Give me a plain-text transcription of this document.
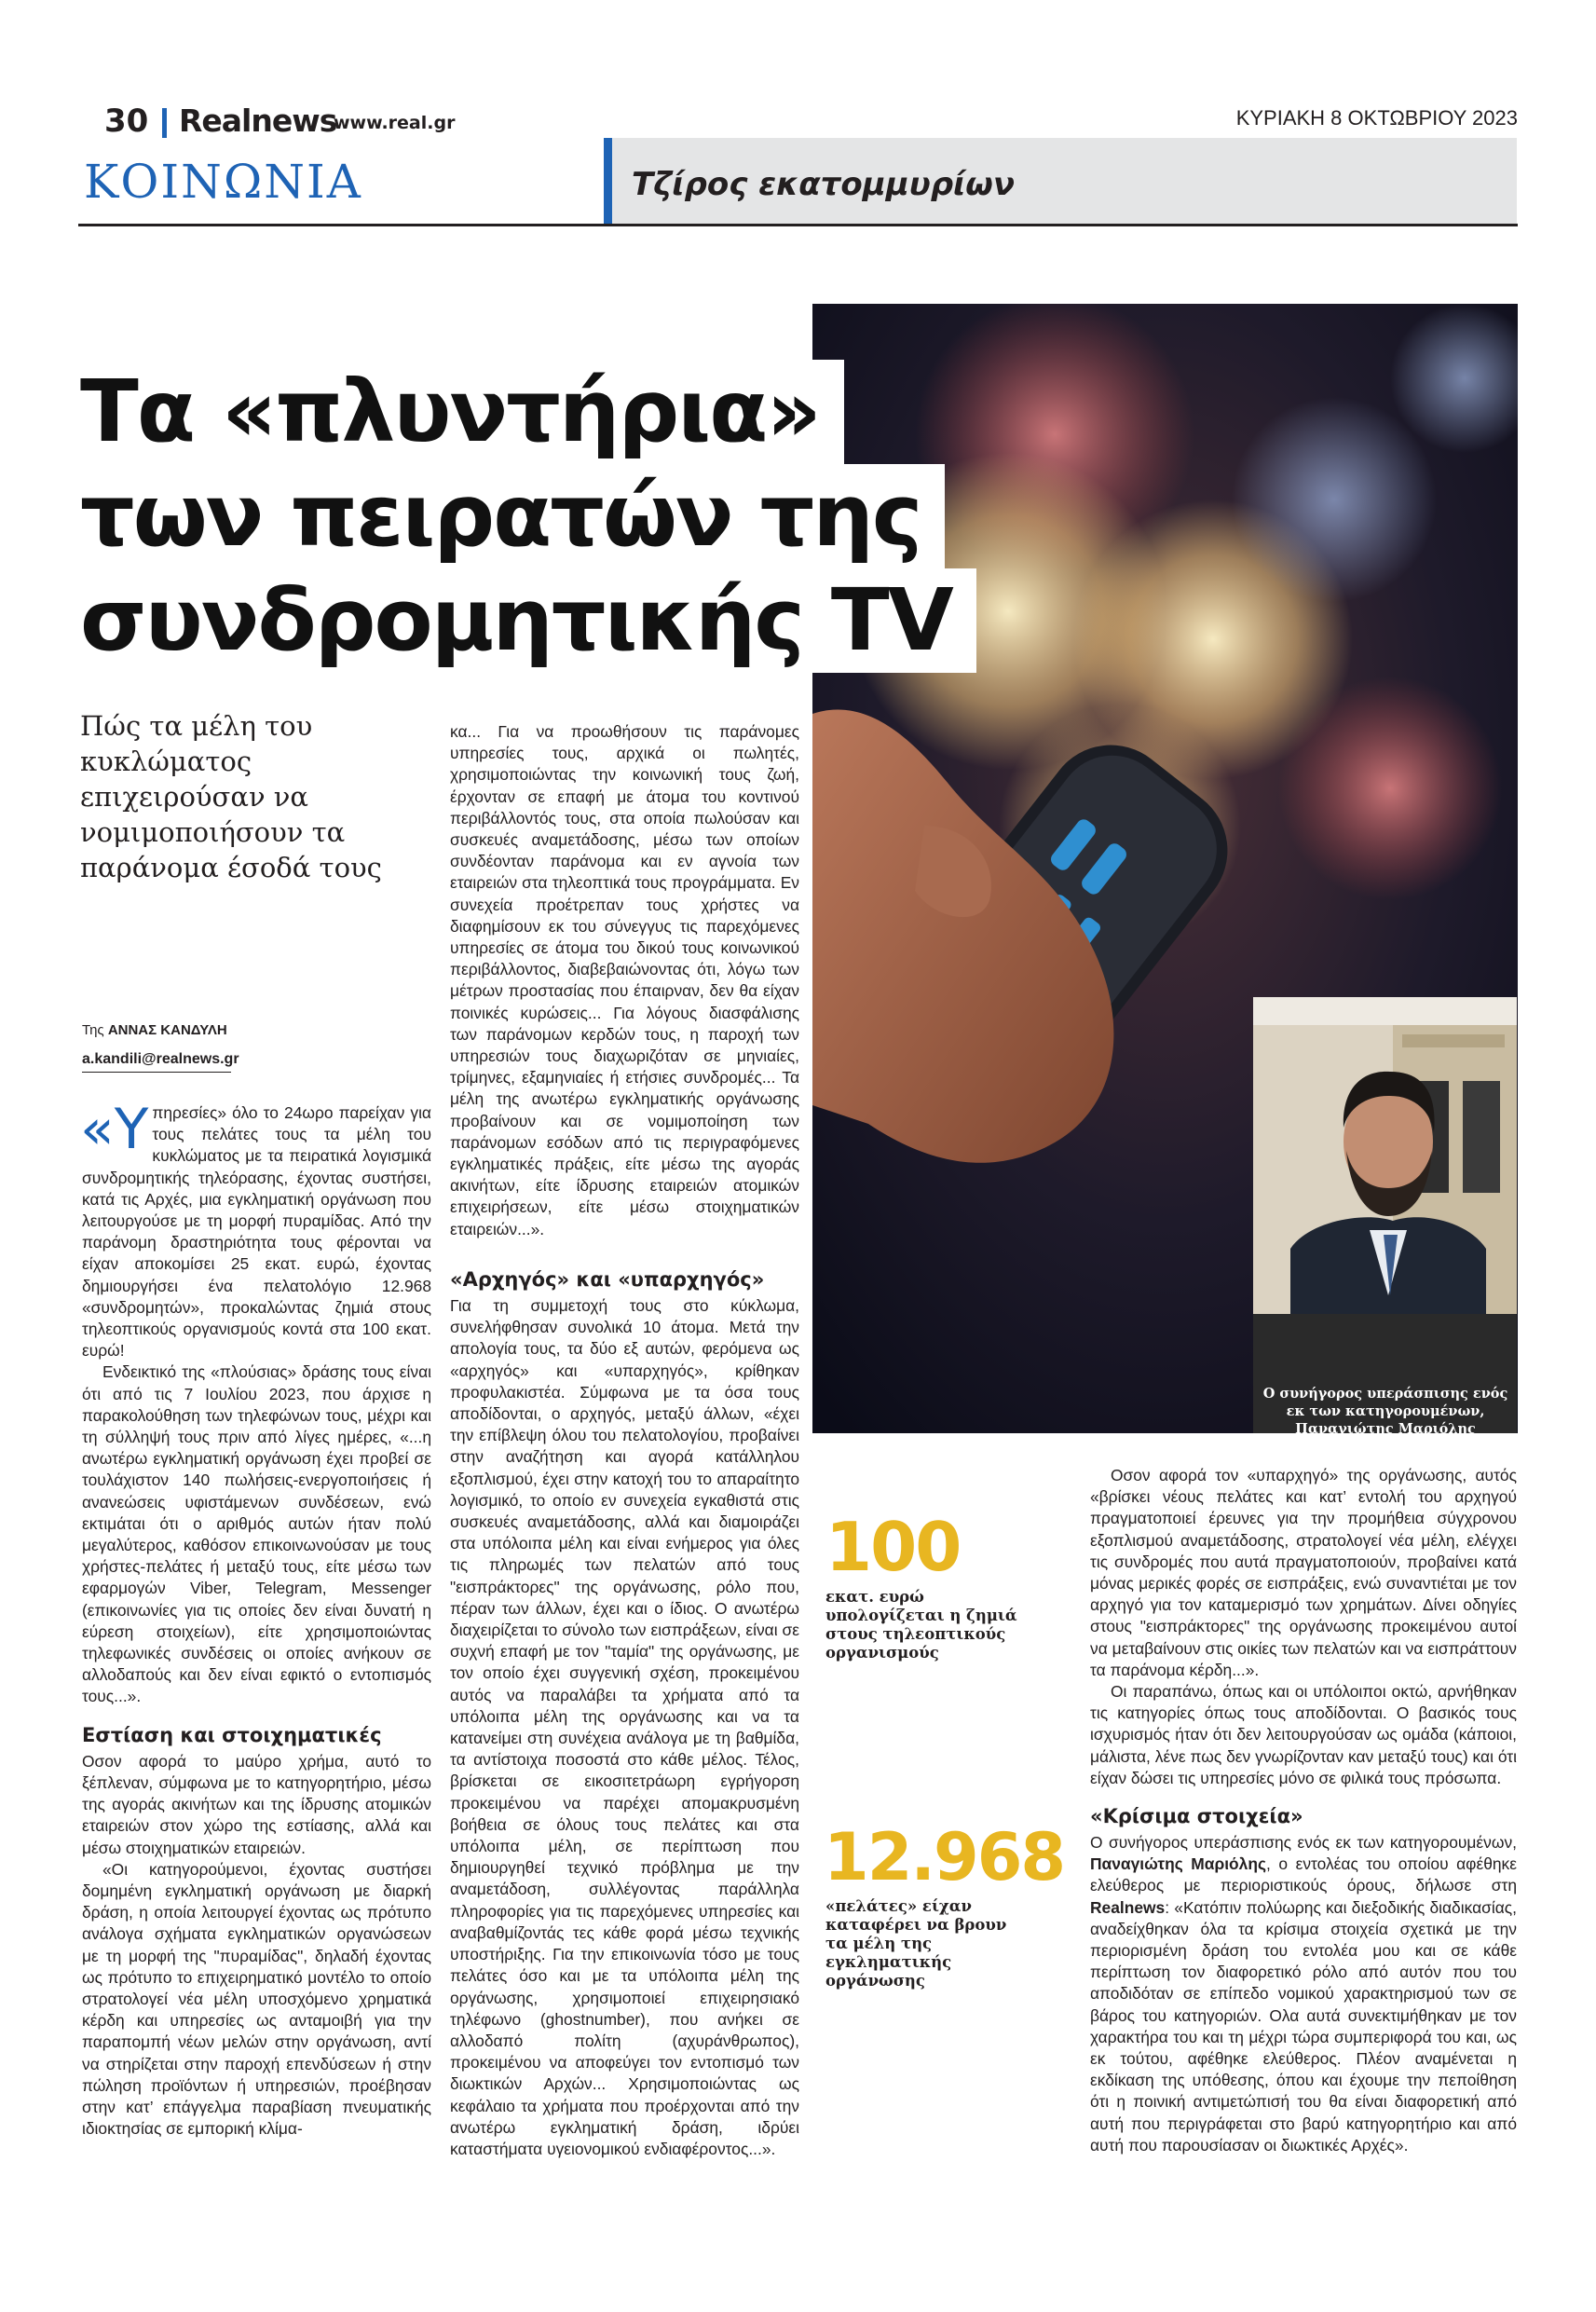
30 Realnews
www.real.gr	ΚΥΡΙΑΚΗ 8 ΟΚΤΩΒΡΙΟΥ 2023
ΚΟΙΝΩΝΙΑ	Τζίρος εκατομμυρίων
Τα «πλυντήρια»
των πειρατών της
συνδρομητικής TV
Πώς τα μέλη του κυκλώματος επιχειρούσαν να νομιμοποιήσουν τα παράνομα έσοδά τους
Της ΑΝΝΑΣ ΚΑΝΔΥΛΗ
a.kandili@realnews.gr

«Υ πηρεσίες» όλο το 24ωρο παρείχαν για τους πελάτες τους τα μέλη του κυκλώματος με τα πειρατικά λογισμικά συνδρομητικής τηλεόρασης, έχοντας συστήσει, κατά τις Αρχές, μια εγκληματική οργάνωση που λειτουργούσε με τη μορφή πυραμίδας. Από την παράνομη δραστηριότητα τους φέρονται να είχαν αποκομίσει 25 εκατ. ευρώ, έχοντας δημιουργήσει ένα πελατολόγιο 12.968 «συνδρομητών», προκαλώντας ζημιά στους τηλεοπτικούς οργανισμούς κοντά στα 100 εκατ. ευρώ!

Ενδεικτικό της «πλούσιας» δράσης τους είναι ότι από τις 7 Ιουλίου 2023, που άρχισε η παρακολούθηση των τηλεφώνων τους, μέχρι και τη σύλληψή τους πριν από λίγες ημέρες, «...η ανωτέρω εγκληματική οργάνωση έχει προβεί σε τουλάχιστον 140 πωλήσεις-ενεργοποιήσεις ή ανανεώσεις υφιστάμενων συνδέσεων, ενώ εκτιμάται ότι ο αριθμός αυτών ήταν πολύ μεγαλύτερος, καθόσον επικοινωνούσαν με τους χρήστες-πελάτες ή μεταξύ τους, είτε μέσω των εφαρμογών Viber, Telegram, Messenger (επικοινωνίες για τις οποίες δεν είναι δυνατή η εύρεση στοιχείων), είτε χρησιμοποιώντας τηλεφωνικές συνδέσεις οι οποίες ανήκουν σε αλλοδαπούς και δεν είναι εφικτό ο εντοπισμός τους...».

Εστίαση και στοιχηματικές

Οσον αφορά το μαύρο χρήμα, αυτό το ξέπλεναν, σύμφωνα με το κατηγορητήριο, μέσω της αγοράς ακινήτων και της ίδρυσης ατομικών εταιρειών στον χώρο της εστίασης, αλλά και μέσω στοιχηματικών εταιρειών.

«Οι κατηγορούμενοι, έχοντας συστήσει δομημένη εγκληματική οργάνωση με διαρκή δράση, η οποία λειτουργεί έχοντας ως πρότυπο ανάλογα σχήματα εγκληματικών οργανώσεων με τη μορφή της "πυραμίδας", δηλαδή έχοντας ως πρότυπο το επιχειρηματικό μοντέλο το οποίο στρατολογεί νέα μέλη υποσχόμενο χρηματικά κέρδη και υπηρεσίες ως ανταμοιβή για την παραπομπή νέων μελών στην οργάνωση, αντί να στηρίζεται στην παροχή επενδύσεων ή στην πώληση προϊόντων ή υπηρεσιών, προέβησαν στην κατ’ επάγγελμα παραβίαση πνευματικής ιδιοκτησίας σε εμπορική κλίμα-

κα... Για να προωθήσουν τις παράνομες υπηρεσίες τους, αρχικά οι πωλητές, χρησιμοποιώντας την κοινωνική τους ζωή, έρχονταν σε επαφή με άτομα του κοντινού περιβάλλοντός τους, στα οποία πωλούσαν και συσκευές αναμετάδοσης, μέσω των οποίων συνδέονταν παράνομα και εν αγνοία των εταιρειών στα τηλεοπτικά τους προγράμματα. Εν συνεχεία προέτρεπαν τους χρήστες να διαφημίσουν εκ του σύνεγγυς τις παρεχόμενες υπηρεσίες σε άτομα του δικού τους κοινωνικού περιβάλλοντος, διαβεβαιώνοντας ότι, λόγω των μέτρων προστασίας που έπαιρναν, δεν θα είχαν ποινικές κυρώσεις... Για λόγους διασφάλισης των παράνομων κερδών τους, η παροχή των υπηρεσιών τους διαχωριζόταν σε μηνιαίες, τρίμηνες, εξαμηνιαίες ή ετήσιες συνδρομές... Τα μέλη της ανωτέρω εγκληματικής οργάνωσης προβαίνουν και σε νομιμοποίηση των παράνομων εσόδων από τις περιγραφόμενες εγκληματικές πράξεις, είτε μέσω της αγοράς ακινήτων, είτε ίδρυσης εταιρειών ατομικών επιχειρήσεων, είτε μέσω στοιχηματικών εταιρειών...».

«Αρχηγός» και «υπαρχηγός»

Για τη συμμετοχή τους στο κύκλωμα, συνελήφθησαν συνολικά 10 άτομα. Μετά την απολογία τους, τα δύο εξ αυτών, φερόμενα ως «αρχηγός» και «υπαρχηγός», κρίθηκαν προφυλακιστέα. Σύμφωνα με τα όσα τους αποδίδονται, ο αρχηγός, μεταξύ άλλων, «έχει την επίβλεψη όλου του πελατολογίου, προβαίνει στην αναζήτηση και αγορά κατάλληλου εξοπλισμού, έχει στην κατοχή του το απαραίτητο λογισμικό, το οποίο εν συνεχεία εγκαθιστά στις συσκευές αναμετάδοσης, αλλά και διαμοιράζει στα υπόλοιπα μέλη και είναι ενήμερος για όλες τις πληρωμές των πελατών από τους "εισπράκτορες" της οργάνωσης, ρόλο που, πέραν των άλλων, έχει και ο ίδιος. Ο ανωτέρω διαχειρίζεται το σύνολο των εισπράξεων, είναι σε συχνή επαφή με τον "ταμία" της οργάνωσης, με τον οποίο έχει συγγενική σχέση, προκειμένου αυτός να παραλάβει τα χρήματα από τα υπόλοιπα μέλη της οργάνωσης και να τα κατανείμει στη συνέχεια ανάλογα με τη βαθμίδα, τα αντίστοιχα ποσοστά στο κάθε μέλος. Τέλος, βρίσκεται σε εικοσιτετράωρη εγρήγορση προκειμένου να παρέχει απομακρυσμένη βοήθεια σε όλους τους πελάτες και στα υπόλοιπα μέλη, σε περίπτωση που δημιουργηθεί τεχνικό πρόβλημα με την αναμετάδοση, συλλέγοντας παράλληλα πληροφορίες για τις παρεχόμενες υπηρεσίες και αναβαθμίζοντάς τες κάθε φορά μέσω τεχνικής υποστήριξης. Για την επικοινωνία τόσο με τους πελάτες όσο και με τα υπόλοιπα μέλη της οργάνωσης, χρησιμοποιεί επιχειρησιακό τηλέφωνο (ghostnumber), που ανήκει σε αλλοδαπό πολίτη (αχυράνθρωπος), προκειμένου να αποφεύγει τον εντοπισμό των διωκτικών Αρχών... Χρησιμοποιώντας ως κεφάλαιο τα χρήματα που προέρχονται από την ανωτέρω εγκληματική δράση, ιδρύει καταστήματα υγειονομικού ενδιαφέροντος...».

100
εκατ. ευρώ υπολογίζεται η ζημιά στους τηλεοπτικούς οργανισμούς
12.968
«πελάτες» είχαν καταφέρει να βρουν τα μέλη της εγκληματικής οργάνωσης
Ο συνήγορος υπεράσπισης ενός εκ των κατηγορουμένων, Παναγιώτης Μαριόλης

Οσον αφορά τον «υπαρχηγό» της οργάνωσης, αυτός «βρίσκει νέους πελάτες και κατ’ εντολή του αρχηγού πραγματοποιεί έρευνες για την προμήθεια σύγχρονου εξοπλισμού αναμετάδοσης, στρατολογεί νέα μέλη, ελέγχει τις συνδρομές που αυτά πραγματοποιούν, προβαίνει κατά μόνας μερικές φορές σε εισπράξεις, ενώ συναντιέται με τον αρχηγό για τον καταμερισμό των χρημάτων. Δίνει οδηγίες στους "εισπράκτορες" της οργάνωσης προκειμένου αυτοί να μεταβαίνουν στις οικίες των πελατών και να εισπράττουν τα παράνομα κέρδη...».

Οι παραπάνω, όπως και οι υπόλοιποι οκτώ, αρνήθηκαν τις κατηγορίες όπως τους αποδίδονται. Ο βασικός τους ισχυρισμός ήταν ότι δεν λειτουργούσαν ως ομάδα (κάποιοι, μάλιστα, λένε πως δεν γνωρίζονταν καν μεταξύ τους) και ότι είχαν δώσει τις υπηρεσίες μόνο σε φιλικά τους πρόσωπα.

«Κρίσιμα στοιχεία»

Ο συνήγορος υπεράσπισης ενός εκ των κατηγορουμένων, Παναγιώτης Μαριόλης, ο εντολέας του οποίου αφέθηκε ελεύθερος με περιοριστικούς όρους, δήλωσε στη Realnews: «Κατόπιν πολύωρης και διεξοδικής διαδικασίας, αναδείχθηκαν όλα τα κρίσιμα στοιχεία σχετικά με την περιορισμένη δράση του εντολέα μου και σε κάθε περίπτωση τον διαφορετικό ρόλο από αυτόν που του αποδιδόταν σε επίπεδο νομικού χαρακτηρισμού των σε βάρος του κατηγοριών. Ολα αυτά συνεκτιμήθηκαν με τον χαρακτήρα του και τη μέχρι τώρα συμπεριφορά του και, ως εκ τούτου, αφέθηκε ελεύθερος. Πλέον αναμένεται η εκδίκαση της υπόθεσης, όπου και έχουμε την πεποίθηση ότι η ποινική αντιμετώπισή του θα είναι διαφορετική από αυτή που περιγράφεται στο βαρύ κατηγορητήριο και από αυτή που παρουσίασαν οι διωκτικές Αρχές».
